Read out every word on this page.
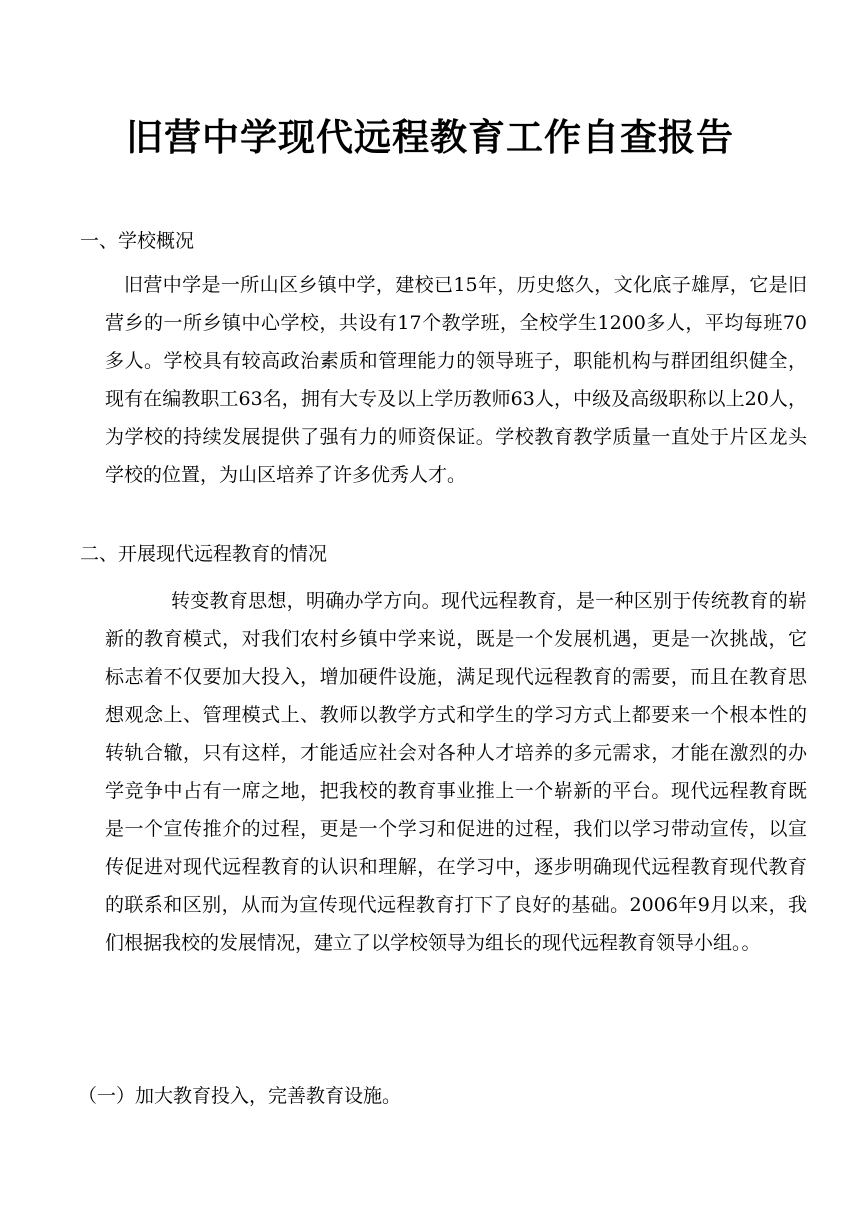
旧营中学现代远程教育工作自查报告

一、学校概况

旧营中学是一所山区乡镇中学，建校已15年，历史悠久，文化底子雄厚，它是旧营乡的一所乡镇中心学校，共设有17个教学班，全校学生1200多人，平均每班70多人。学校具有较高政治素质和管理能力的领导班子，职能机构与群团组织健全，现有在编教职工63名，拥有大专及以上学历教师63人，中级及高级职称以上20人，为学校的持续发展提供了强有力的师资保证。学校教育教学质量一直处于片区龙头学校的位置，为山区培养了许多优秀人才。

二、开展现代远程教育的情况

转变教育思想，明确办学方向。现代远程教育，是一种区别于传统教育的崭新的教育模式，对我们农村乡镇中学来说，既是一个发展机遇，更是一次挑战，它标志着不仅要加大投入，增加硬件设施，满足现代远程教育的需要，而且在教育思想观念上、管理模式上、教师以教学方式和学生的学习方式上都要来一个根本性的转轨合辙，只有这样，才能适应社会对各种人才培养的多元需求，才能在激烈的办学竞争中占有一席之地，把我校的教育事业推上一个崭新的平台。现代远程教育既是一个宣传推介的过程，更是一个学习和促进的过程，我们以学习带动宣传，以宣传促进对现代远程教育的认识和理解，在学习中，逐步明确现代远程教育现代教育的联系和区别，从而为宣传现代远程教育打下了良好的基础。2006年9月以来，我们根据我校的发展情况，建立了以学校领导为组长的现代远程教育领导小组。。

（一）加大教育投入，完善教育设施。
